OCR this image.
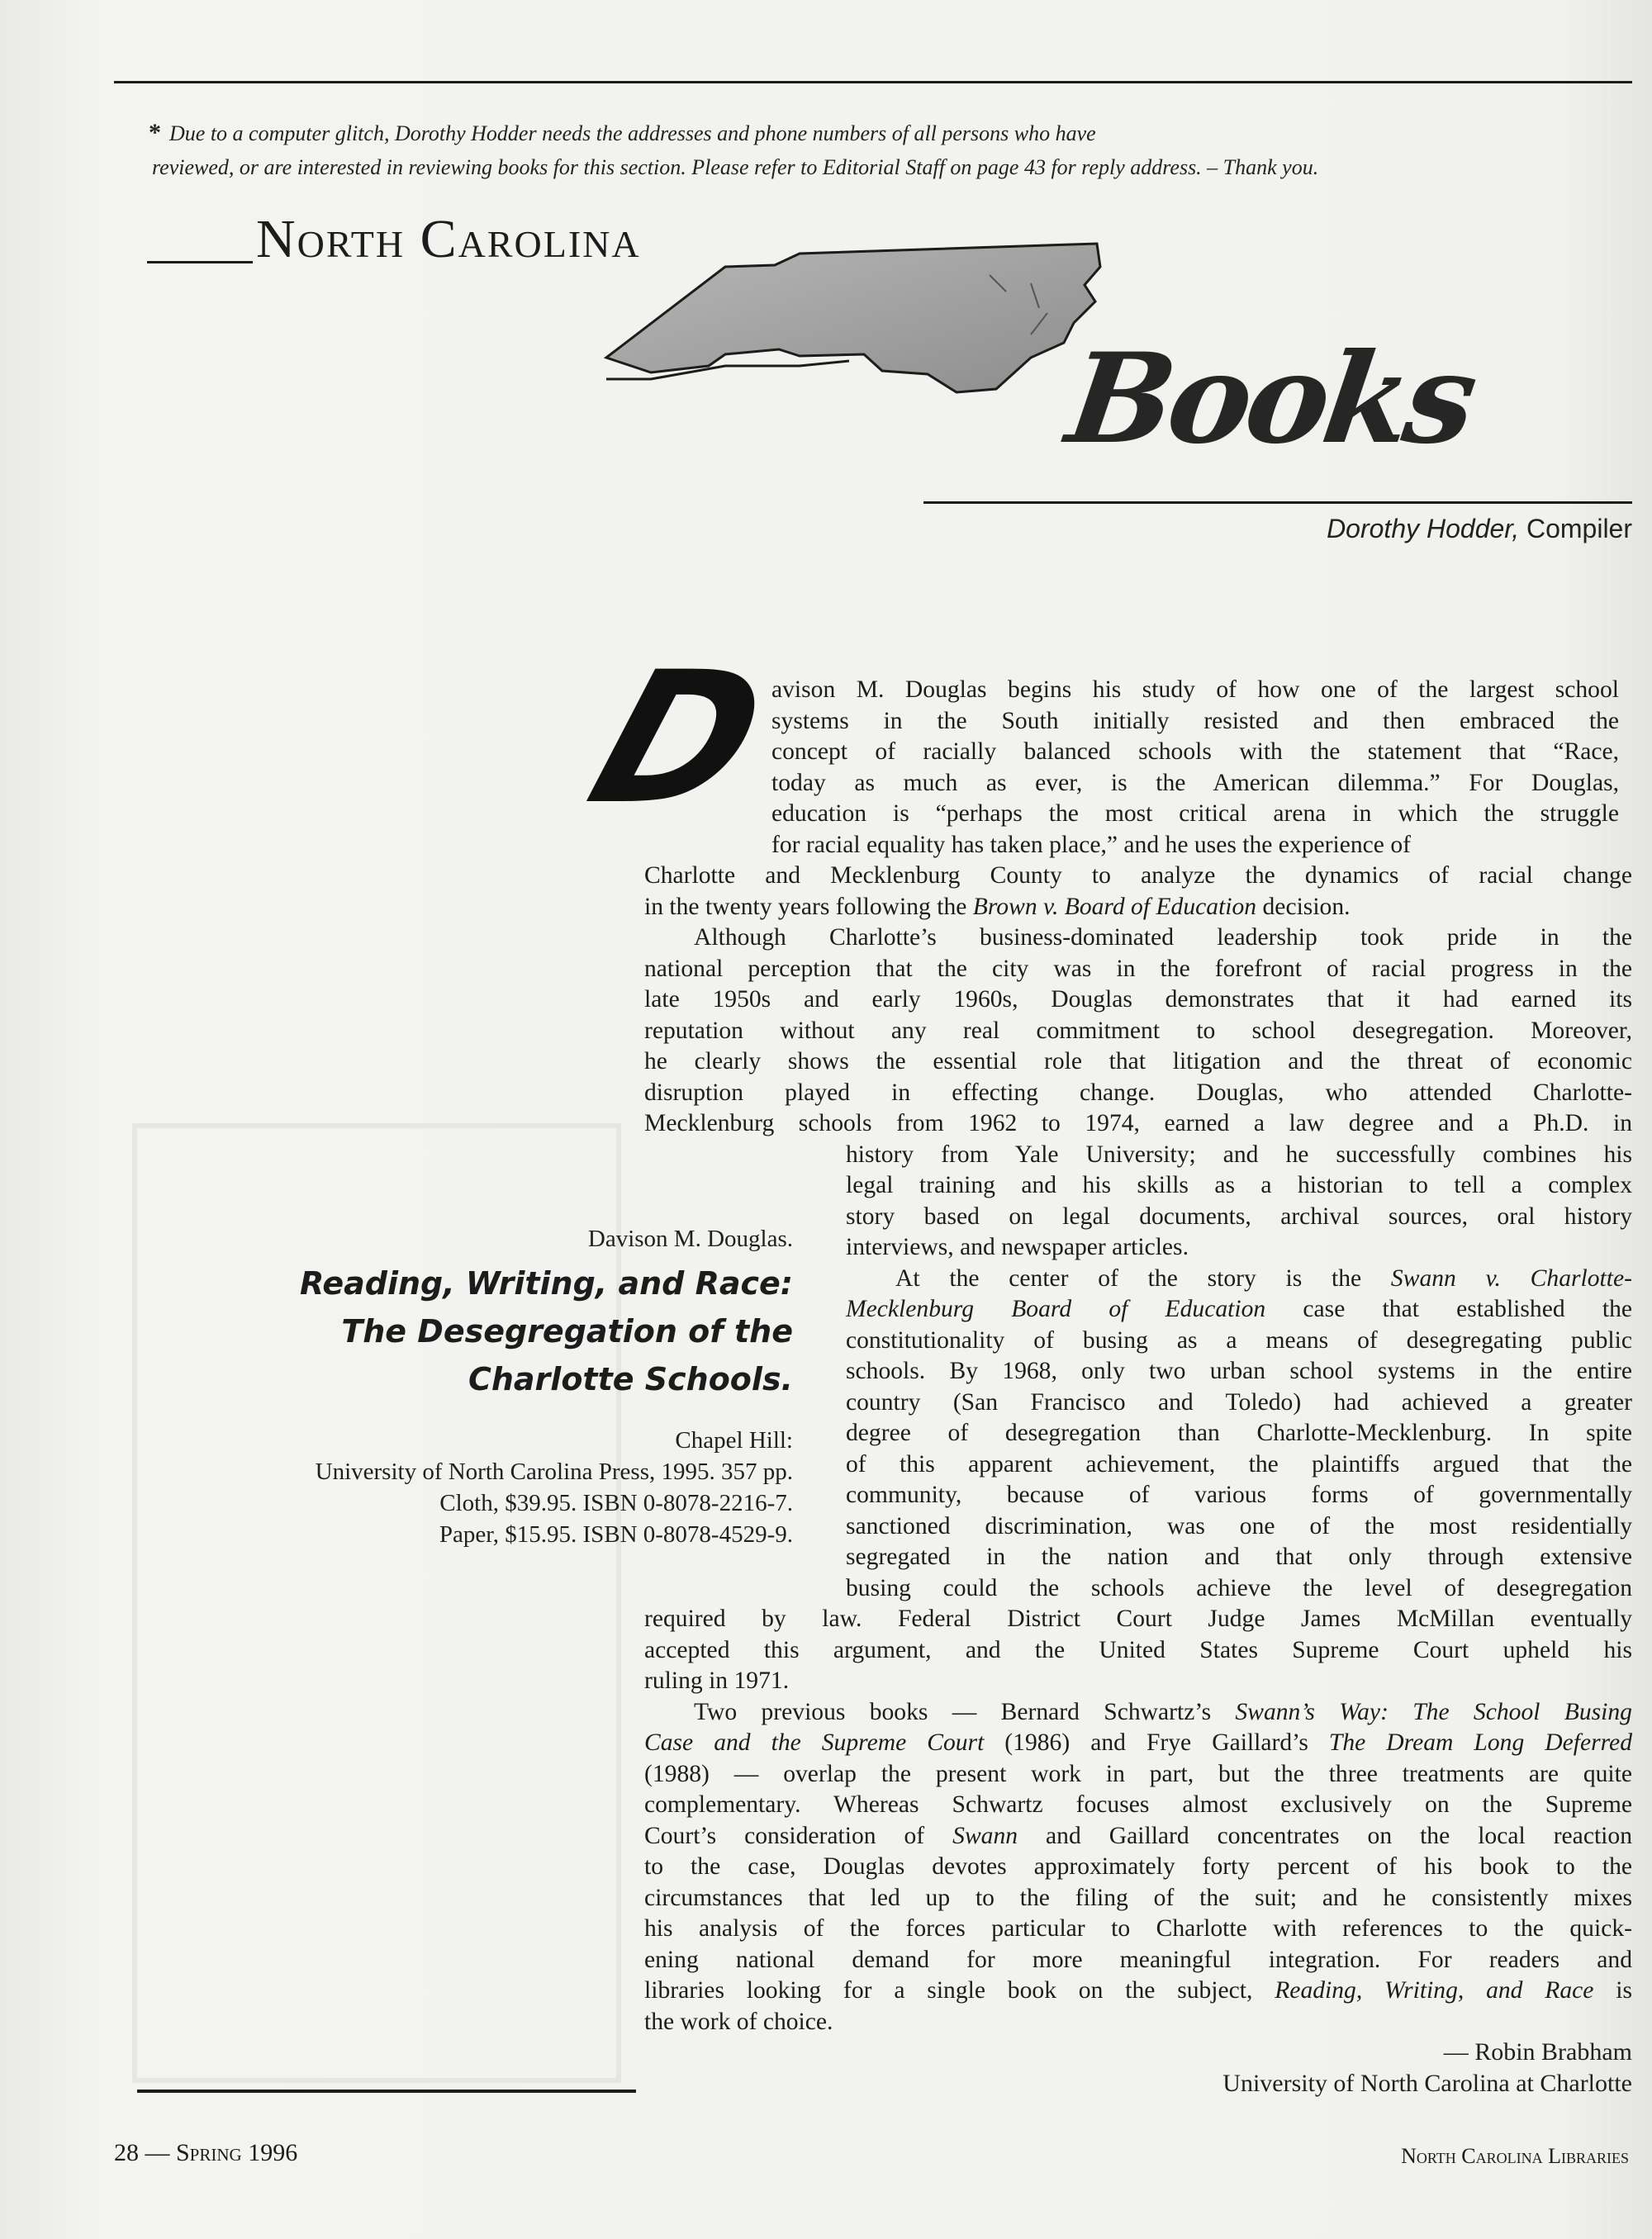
* Due to a computer glitch, Dorothy Hodder needs the addresses and phone numbers of all persons who have
reviewed, or are interested in reviewing books for this section. Please refer to Editorial Staff on page 43 for reply address. – Thank you.
North Carolina
Books
Dorothy Hodder, Compiler
D
avison M. Douglas begins his study of how one of the largest school
systems in the South initially resisted and then embraced the
concept of racially balanced schools with the statement that “Race,
today as much as ever, is the American dilemma.” For Douglas,
education is “perhaps the most critical arena in which the struggle
for racial equality has taken place,” and he uses the experience of
Charlotte and Mecklenburg County to analyze the dynamics of racial change
in the twenty years following the Brown v. Board of Education decision.
Although Charlotte’s business-dominated leadership took pride in the
national perception that the city was in the forefront of racial progress in the
late 1950s and early 1960s, Douglas demonstrates that it had earned its
reputation without any real commitment to school desegregation. Moreover,
he clearly shows the essential role that litigation and the threat of economic
disruption played in effecting change. Douglas, who attended Charlotte-
Mecklenburg schools from 1962 to 1974, earned a law degree and a Ph.D. in
history from Yale University; and he successfully combines his
legal training and his skills as a historian to tell a complex
story based on legal documents, archival sources, oral history
interviews, and newspaper articles.
At the center of the story is the Swann v. Charlotte-
Mecklenburg Board of Education case that established the
constitutionality of busing as a means of desegregating public
schools. By 1968, only two urban school systems in the entire
country (San Francisco and Toledo) had achieved a greater
degree of desegregation than Charlotte-Mecklenburg. In spite
of this apparent achievement, the plaintiffs argued that the
community, because of various forms of governmentally
sanctioned discrimination, was one of the most residentially
segregated in the nation and that only through extensive
busing could the schools achieve the level of desegregation
required by law. Federal District Court Judge James McMillan eventually
accepted this argument, and the United States Supreme Court upheld his
ruling in 1971.
Two previous books — Bernard Schwartz’s Swann’s Way: The School Busing
Case and the Supreme Court (1986) and Frye Gaillard’s The Dream Long Deferred
(1988) — overlap the present work in part, but the three treatments are quite
complementary. Whereas Schwartz focuses almost exclusively on the Supreme
Court’s consideration of Swann and Gaillard concentrates on the local reaction
to the case, Douglas devotes approximately forty percent of his book to the
circumstances that led up to the filing of the suit; and he consistently mixes
his analysis of the forces particular to Charlotte with references to the quick-
ening national demand for more meaningful integration. For readers and
libraries looking for a single book on the subject, Reading, Writing, and Race is
the work of choice.
Davison M. Douglas.
Reading, Writing, and Race:
The Desegregation of the
Charlotte Schools.
Chapel Hill:
University of North Carolina Press, 1995. 357 pp.
Cloth, $39.95. ISBN 0-8078-2216-7.
Paper, $15.95. ISBN 0-8078-4529-9.
— Robin Brabham
University of North Carolina at Charlotte
28 — Spring 1996	North Carolina Libraries
